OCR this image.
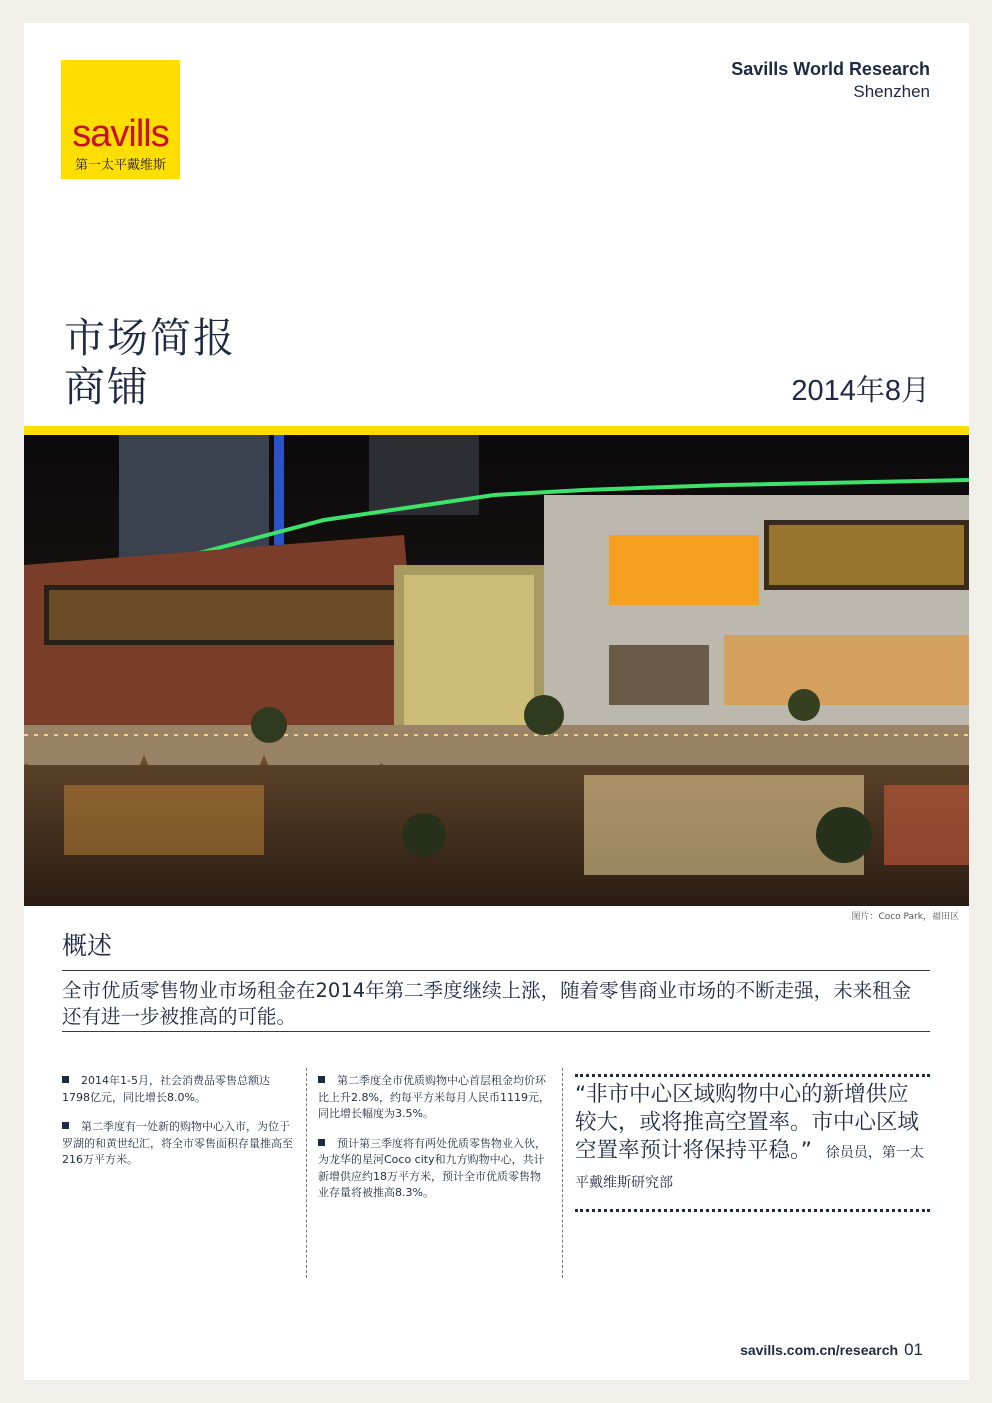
savills
第一太平戴维斯
Savills World Research
Shenzhen
市场简报
商铺	2014年8月
图片：Coco Park，福田区
概述
全市优质零售物业市场租金在2014年第二季度继续上涨，随着零售商业市场的不断走强，未来租金还有进一步被推高的可能。

2014年1-5月，社会消费品零售总额达1798亿元，同比增长8.0%。

第二季度有一处新的购物中心入市，为位于罗湖的和黄世纪汇，将全市零售面积存量推高至216万平方米。

第二季度全市优质购物中心首层租金均价环比上升2.8%，约每平方米每月人民币1119元，同比增长幅度为3.5%。

预计第三季度将有两处优质零售物业入伙，为龙华的星河Coco city和九方购物中心，共计新增供应约18万平方米，预计全市优质零售物业存量将被推高8.3%。

“非市中心区域购物中心的新增供应较大，或将推高空置率。市中心区域空置率预计将保持平稳。” 徐员员，第一太平戴维斯研究部
savills.com.cn/research 01
